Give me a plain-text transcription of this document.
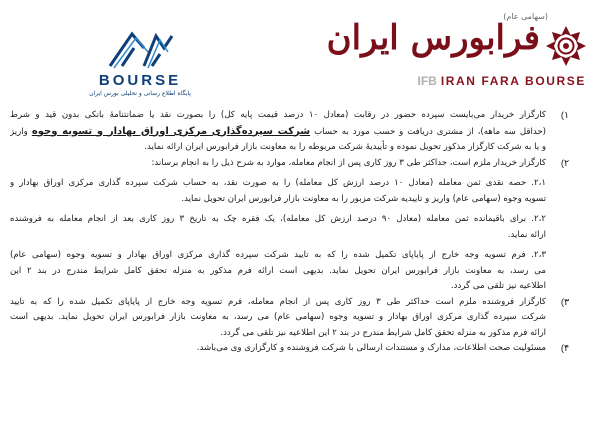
(سهامی عام)
فرابورس ایران
IFB IRAN FARA BOURSE
BOURSE
پایگاه اطلاع رسانی و تحلیلی بورس ایران
۱)
کارگزار خریدار می‌بایست سپرده حضور در رقابت (معادل ۱۰ درصد قیمت پایه کل) را بصورت نقد یا ضمانتنامهٔ بانکی بدون قید و شرط
(حداقل سه ماهه)، از مشتری دریافت و حسب مورد به حساب شرکت سپرده‌گذاری مرکزی اوراق بهادار و تسویه وجوه واریز
و یا به شرکت کارگزار مذکور تحویل نموده و تأییدیهٔ شرکت مربوطه را به معاونت بازار فرابورس ایران ارائه نماید.
۲)
کارگزار خریدار ملزم است، حداکثر طی ۳ روز کاری پس از انجام معامله، موارد به شرح ذیل را به انجام برساند:
۲،۱. حصه نقدی ثمن معامله (معادل ۱۰ درصد ارزش کل معامله) را به صورت نقد، به حساب شرکت سپرده گذاری مرکزی اوراق بهادار و
تسویه وجوه (سهامی عام) واریز و تاییدیه شرکت مزبور را به معاونت بازار فرابورس ایران تحویل نماید.
۲،۲. برای باقیمانده ثمن معامله (معادل ۹۰ درصد ارزش کل معامله)، یک فقره چک به تاریخ ۳ روز کاری بعد از انجام معامله به فروشنده
ارائه نماید.
۲،۳. فرم تسویه وجه خارج از پایاپای تکمیل شده را که به تایید شرکت سپرده گذاری مرکزی اوراق بهادار و تسویه وجوه (سهامی عام)
می رسد، به معاونت بازار فرابورس ایران تحویل نماید. بدیهی است ارائه فرم مذکور به منزله تحقق کامل شرایط مندرج در بند ۲ این
اطلاعیه نیز تلقی می گردد.
۳)
کارگزار فروشنده ملزم است حداکثر طی ۳ روز کاری پس از انجام معامله، فرم تسویه وجه خارج از پایاپای تکمیل شده را که به تایید
شرکت سپرده گذاری مرکزی اوراق بهادار و تسویه وجوه (سهامی عام) می رسد، به معاونت بازار فرابورس ایران تحویل نماید. بدیهی است
ارائه فرم مذکور به منزله تحقق کامل شرایط مندرج در بند ۲ این اطلاعیه نیز تلقی می گردد.
۴)
مسئولیت صحت اطلاعات، مدارک و مستندات ارسالی با شرکت فروشنده و کارگزاری وی می‌باشد.
